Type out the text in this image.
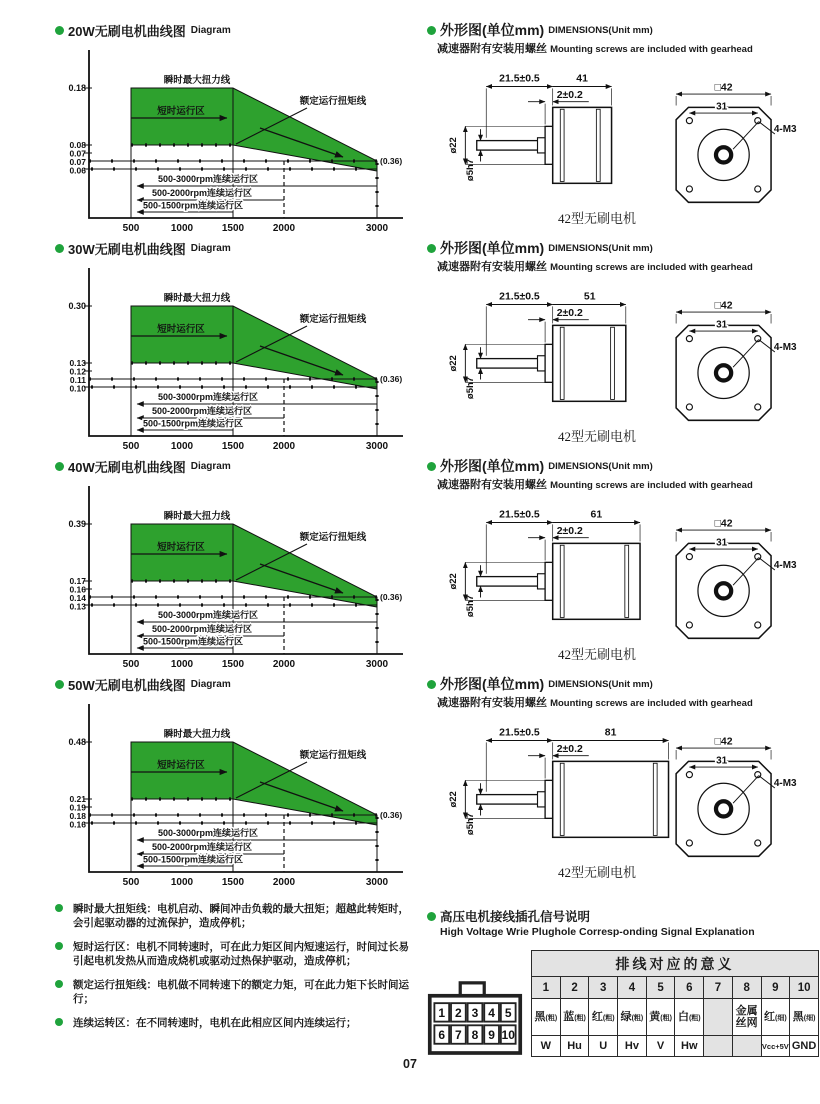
20W无刷电机曲线图 Diagram
瞬时最大扭力线
额定运行扭矩线
短时运行区
500-3000rpm连续运行区
500-2000rpm连续运行区
500-1500rpm连续运行区
(0.36)
0.18
0.08
0.07
0.07
0.06
500	1000	1500	2000	3000
30W无刷电机曲线图 Diagram
瞬时最大扭力线
额定运行扭矩线
短时运行区
500-3000rpm连续运行区
500-2000rpm连续运行区
500-1500rpm连续运行区
(0.36)
0.30
0.13
0.12
0.11
0.10
500	1000	1500	2000	3000
40W无刷电机曲线图 Diagram
瞬时最大扭力线
额定运行扭矩线
短时运行区
500-3000rpm连续运行区
500-2000rpm连续运行区
500-1500rpm连续运行区
(0.36)
0.39
0.17
0.16
0.14
0.13
500	1000	1500	2000	3000
50W无刷电机曲线图 Diagram
瞬时最大扭力线
额定运行扭矩线
短时运行区
500-3000rpm连续运行区
500-2000rpm连续运行区
500-1500rpm连续运行区
(0.36)
0.48
0.21
0.19
0.18
0.16
500	1000	1500	2000	3000
瞬时最大扭矩线：电机启动、瞬间冲击负载的最大扭矩；超越此转矩时，会引起驱动器的过流保护，造成停机；
短时运行区：电机不同转速时，可在此力矩区间内短速运行，时间过长易引起电机发热从而造成烧机或驱动过热保护驱动，造成停机；
额定运行扭矩线：电机做不同转速下的额定力矩，可在此力矩下长时间运行；
连续运转区：在不同转速时，电机在此相应区间内连续运行；
外形图(单位mm) DIMENSIONS(Unit mm)
减速器附有安装用螺丝 Mounting screws are included with gearhead
21.5±0.5	41
2±0.2
ø22
ø5h7
□42
31
4-M3
42型无刷电机
外形图(单位mm) DIMENSIONS(Unit mm)
减速器附有安装用螺丝 Mounting screws are included with gearhead
21.5±0.5	51
2±0.2
ø22
ø5h7
□42
31
4-M3
42型无刷电机
外形图(单位mm) DIMENSIONS(Unit mm)
减速器附有安装用螺丝 Mounting screws are included with gearhead
21.5±0.5	61
2±0.2
ø22
ø5h7
□42
31
4-M3
42型无刷电机
外形图(单位mm) DIMENSIONS(Unit mm)
减速器附有安装用螺丝 Mounting screws are included with gearhead
21.5±0.5	81
2±0.2
ø22
ø5h7
□42
31
4-M3
42型无刷电机
高压电机接线插孔信号说明
High Voltage Wrie Plughole Corresp-onding Signal Explanation
1 2 3 4 5
6 7 8 9 10
排线对应的意义									
1	2	3	4	5	6	7	8	9	10
黑(粗)	蓝(粗)	红(粗)	绿(粗)	黄(粗)	白(粗)		金属丝网	红(细)	黑(细)
W	Hu	U	Hv	V	Hw			Vcc+5V	GND
07
